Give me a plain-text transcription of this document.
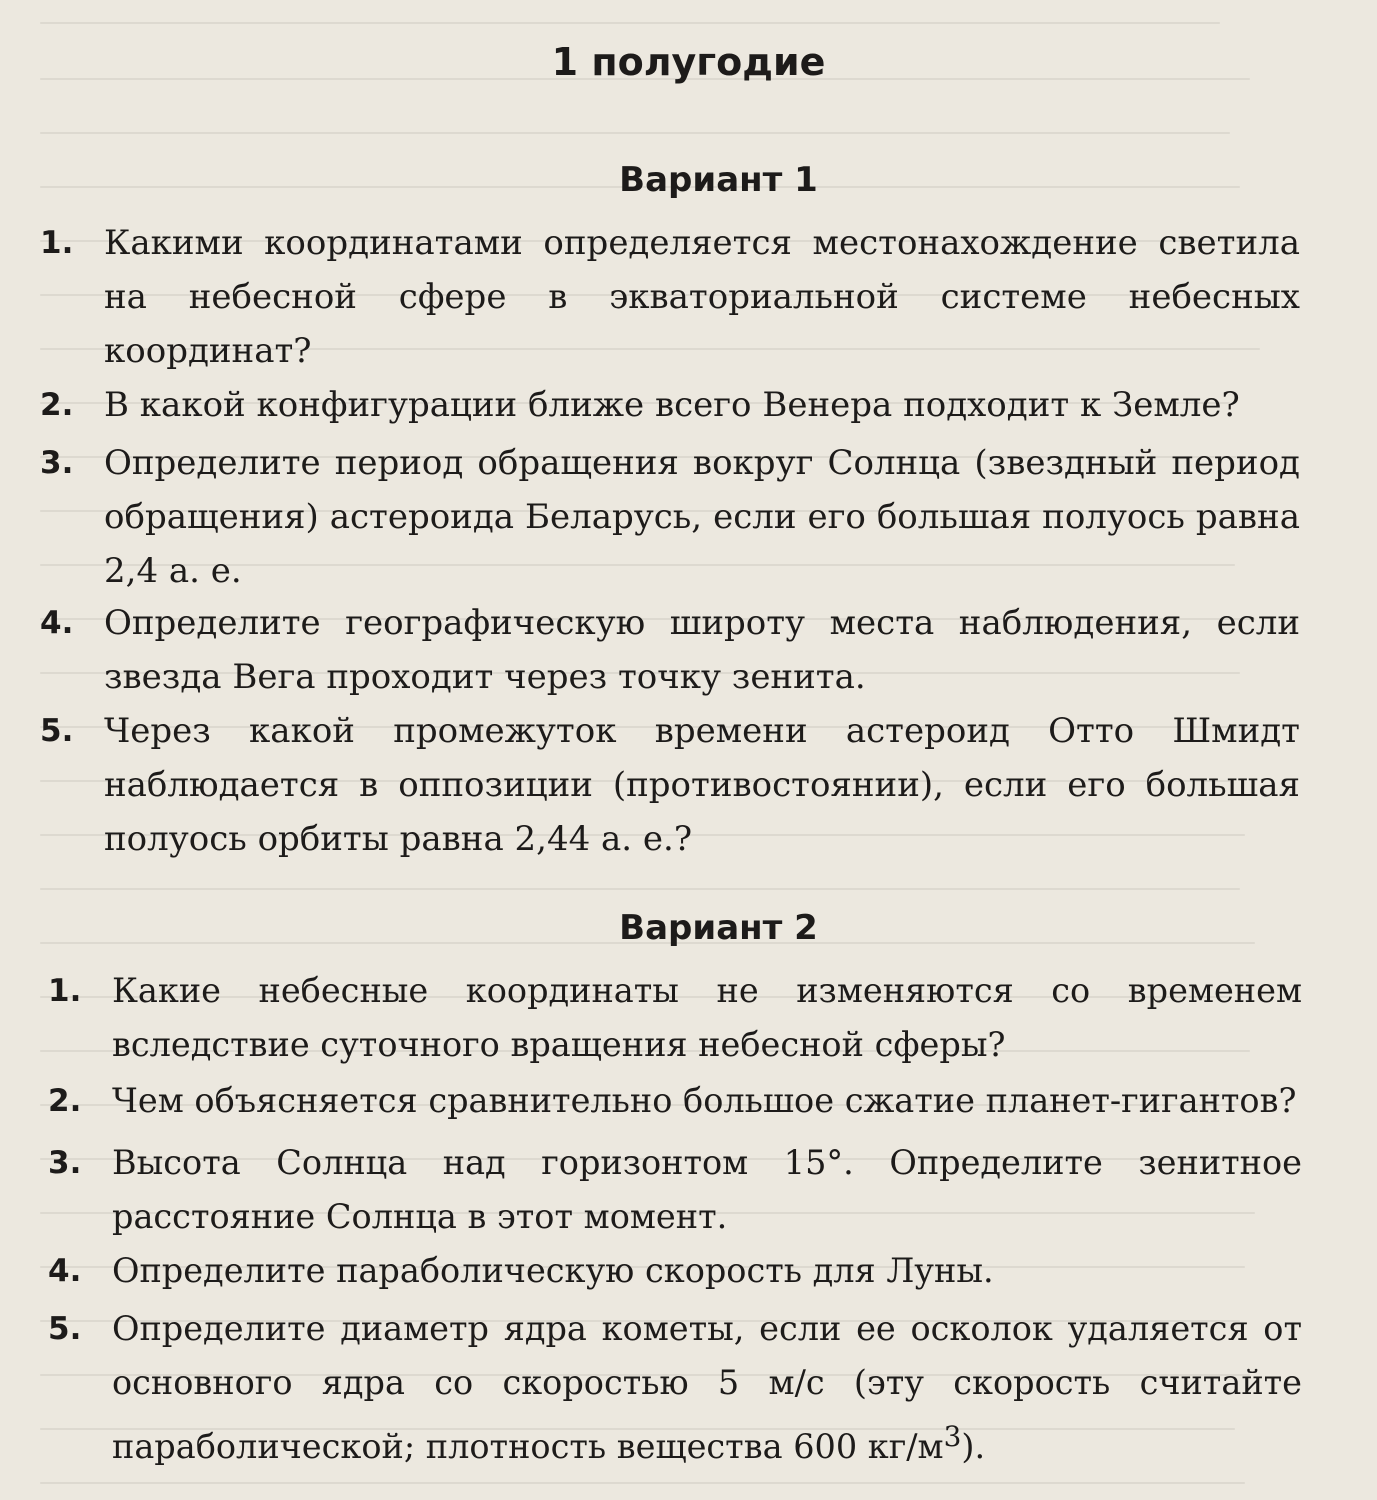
1 полугодие
Вариант 1
1. Какими координатами определяется местонахождение светила на небесной сфере в экваториальной системе небесных координат?
2. В какой конфигурации ближе всего Венера подходит к Земле?
3. Определите период обращения вокруг Солнца (звездный период обращения) астероида Беларусь, если его большая полуось равна 2,4 а. е.
4. Определите географическую широту места наблюдения, если звезда Вега проходит через точку зенита.
5. Через какой промежуток времени астероид Отто Шмидт наблюдается в оппозиции (противостоянии), если его большая полуось орбиты равна 2,44 а. е.?
Вариант 2
1. Какие небесные координаты не изменяются со временем вследствие суточного вращения небесной сферы?
2. Чем объясняется сравнительно большое сжатие планет-гигантов?
3. Высота Солнца над горизонтом 15°. Определите зенитное расстояние Солнца в этот момент.
4. Определите параболическую скорость для Луны.
5. Определите диаметр ядра кометы, если ее осколок удаляется от основного ядра со скоростью 5 м/с (эту скорость считайте параболической; плотность вещества 600 $кг/м^3$).
